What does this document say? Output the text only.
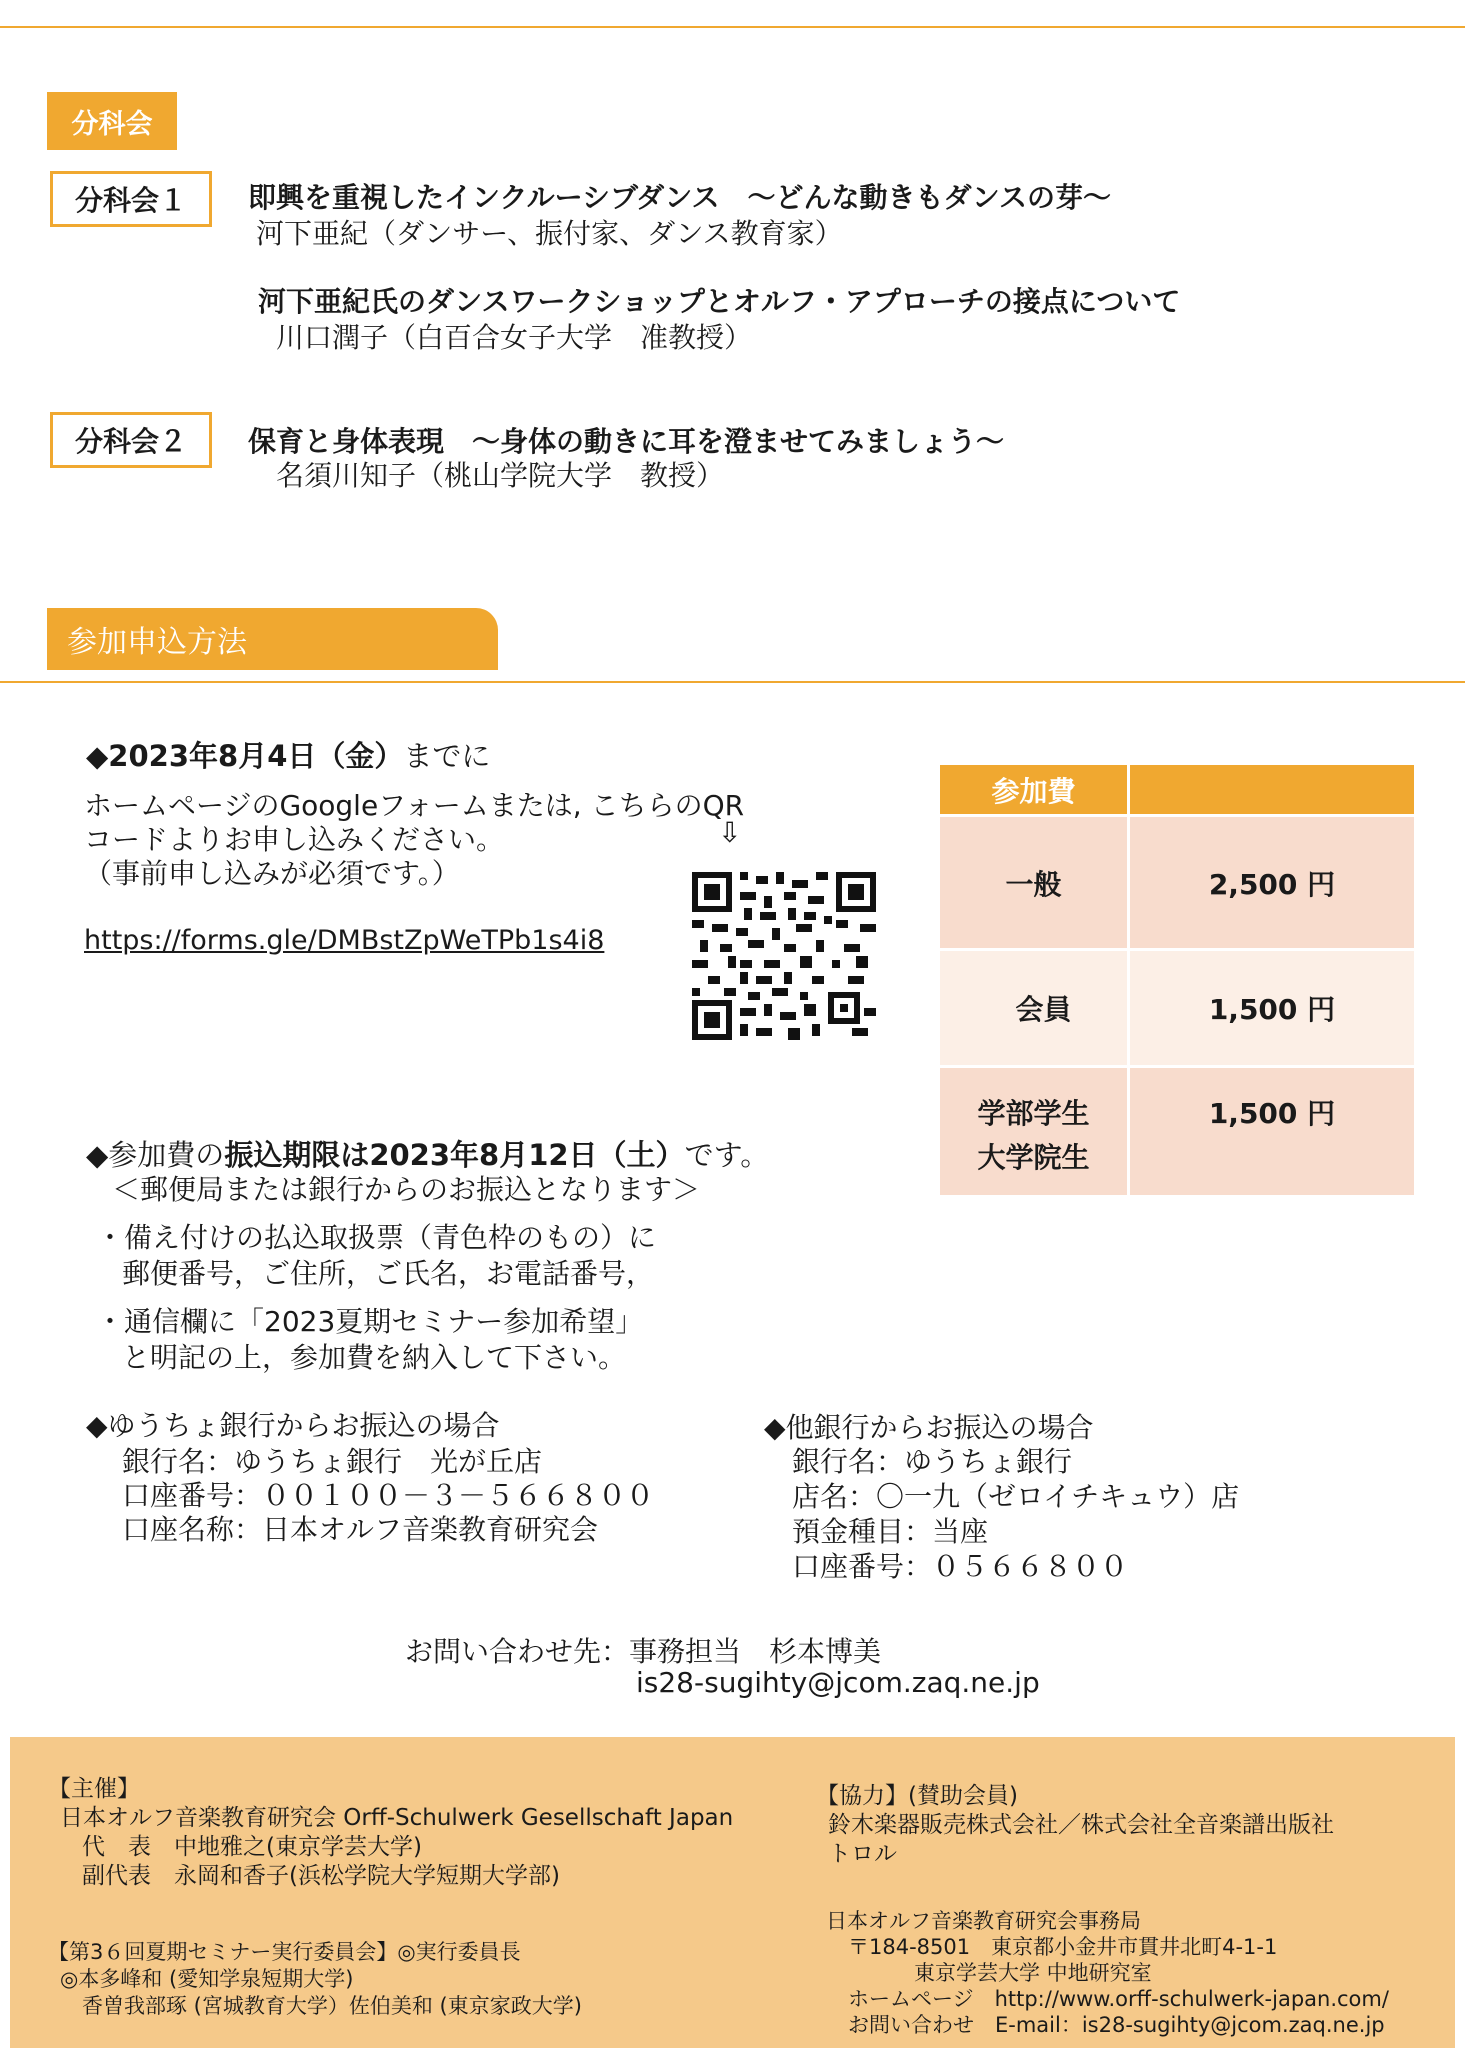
分科会
分科会１ 即興を重視したインクルーシブダンス　～どんな動きもダンスの芽～
河下亜紀（ダンサー、振付家、ダンス教育家）
河下亜紀氏のダンスワークショップとオルフ・アプローチの接点について
川口潤子（白百合女子大学　准教授）
分科会２ 保育と身体表現　～身体の動きに耳を澄ませてみましょう～
名須川知子（桃山学院大学　教授）
参加申込方法
◆2023年8月4日（金）までに
ホームページのGoogleフォームまたは, こちらのQR
コードよりお申し込みください。	⇩
（事前申し込みが必須です。）
https://forms.gle/DMBstZpWeTPb1s4i8
参加費	
一般	2,500 円
会員	1,500 円

学部学生
大学院生	1,500 円
◆参加費の振込期限は2023年8月12日（土）です。
＜郵便局または銀行からのお振込となります＞
・備え付けの払込取扱票（青色枠のもの）に
郵便番号，ご住所，ご氏名，お電話番号，
・通信欄に「2023夏期セミナー参加希望」
と明記の上，参加費を納入して下さい。
◆ゆうちょ銀行からお振込の場合
銀行名：ゆうちょ銀行　光が丘店
口座番号：００１００－３－５６６８００
口座名称：日本オルフ音楽教育研究会
◆他銀行からお振込の場合
銀行名：ゆうちょ銀行
店名：〇一九（ゼロイチキュウ）店
預金種目：当座
口座番号：０５６６８００
お問い合わせ先：事務担当　杉本博美
is28-sugihty@jcom.zaq.ne.jp
【主催】
日本オルフ音楽教育研究会 Orff-Schulwerk Gesellschaft Japan
代　表　中地雅之(東京学芸大学)
副代表　永岡和香子(浜松学院大学短期大学部)
【第3６回夏期セミナー実行委員会】◎実行委員長
◎本多峰和 (愛知学泉短期大学)
香曽我部琢 (宮城教育大学）佐伯美和 (東京家政大学)
【協力】(賛助会員)
鈴木楽器販売株式会社／株式会社全音楽譜出版社
トロル
日本オルフ音楽教育研究会事務局
〒184-8501　東京都小金井市貫井北町4-1-1
東京学芸大学 中地研究室
ホームページ　http://www.orff-schulwerk-japan.com/
お問い合わせ　E-mail：is28-sugihty@jcom.zaq.ne.jp
